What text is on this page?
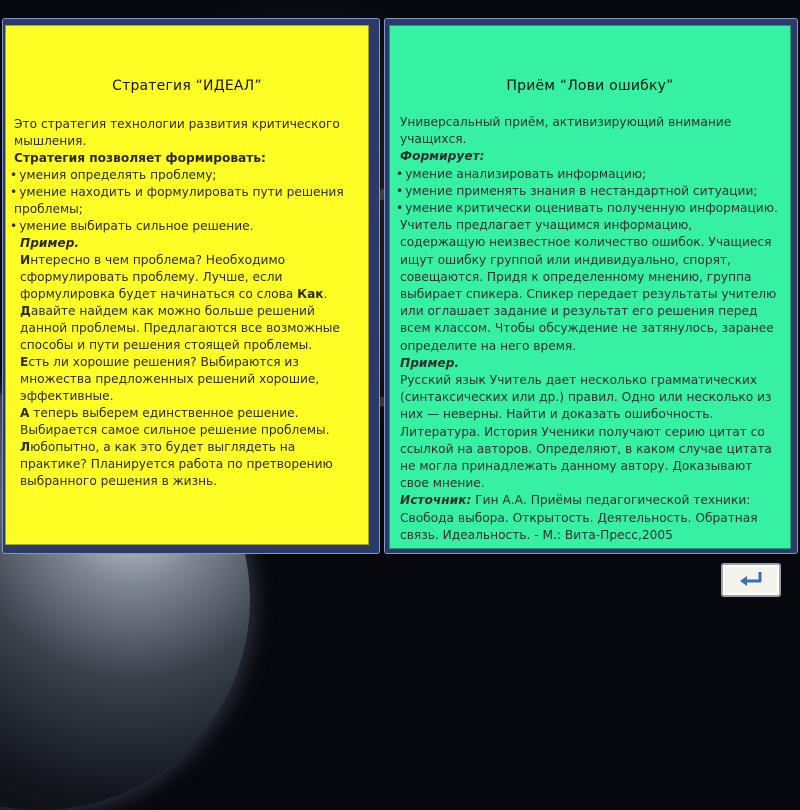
Стратегия “ИДЕАЛ”

Это стратегия технологии развития критического мышления.

Стратегия позволяет формировать:

• умения определять проблему;

• умение находить и формулировать пути решения проблемы;

• умение выбирать сильное решение.

Пример.

Интересно в чем проблема? Необходимо сформулировать проблему. Лучше, если формулировка будет начинаться со слова Как.

Давайте найдем как можно больше решений данной проблемы. Предлагаются все возможные способы и пути решения стоящей проблемы.

Есть ли хорошие решения? Выбираются из множества предложенных решений хорошие, эффективные.

А теперь выберем единственное решение. Выбирается самое сильное решение проблемы.

Любопытно, а как это будет выглядеть на практике? Планируется работа по претворению выбранного решения в жизнь.

Приём “Лови ошибку”

Универсальный приём, активизирующий внимание учащихся.

Формирует:

• умение анализировать информацию;

• умение применять знания в нестандартной ситуации;

• умение критически оценивать полученную информацию.

Учитель предлагает учащимся информацию, содержащую неизвестное количество ошибок. Учащиеся ищут ошибку группой или индивидуально, спорят, совещаются. Придя к определенному мнению, группа выбирает спикера. Спикер передает результаты учителю или оглашает задание и результат его решения перед всем классом. Чтобы обсуждение не затянулось, заранее определите на него время.

Пример.

Русский язык Учитель дает несколько грамматических (синтаксических или др.) правил. Одно или несколько из них — неверны. Найти и доказать ошибочность.

Литература. История Ученики получают серию цитат со ссылкой на авторов. Определяют, в каком случае цитата не могла принадлежать данному автору. Доказывают свое мнение.

Источник: Гин А.А. Приёмы педагогической техники: Свобода выбора. Открытость. Деятельность. Обратная связь. Идеальность. - М.: Вита-Пресс,2005
